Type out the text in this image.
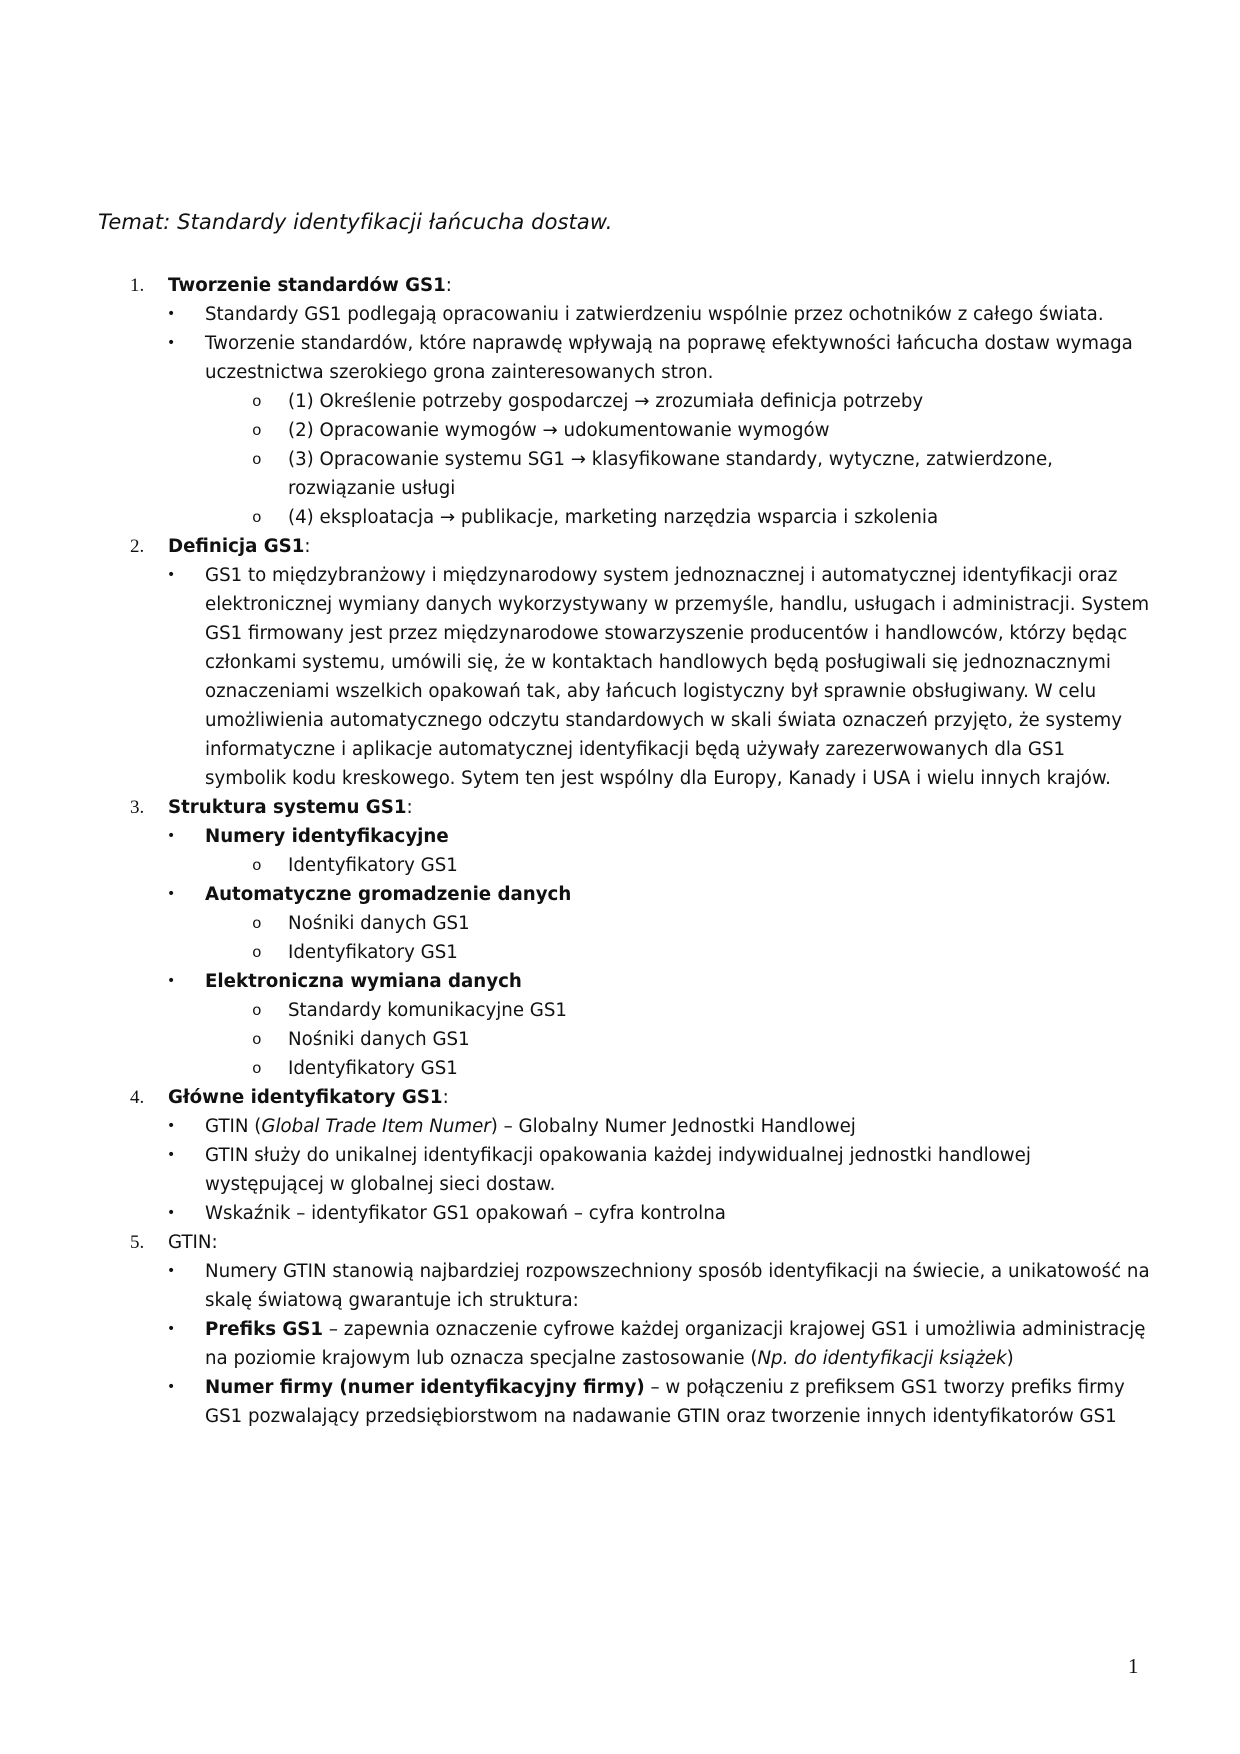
Temat: Standardy identyfikacji łańcucha dostaw.
1. Tworzenie standardów GS1:
• Standardy GS1 podlegają opracowaniu i zatwierdzeniu wspólnie przez ochotników z całego świata.
• Tworzenie standardów, które naprawdę wpływają na poprawę efektywności łańcucha dostaw wymaga uczestnictwa szerokiego grona zainteresowanych stron.
o (1) Określenie potrzeby gospodarczej → zrozumiała definicja potrzeby
o (2) Opracowanie wymogów → udokumentowanie wymogów
o (3) Opracowanie systemu SG1 → klasyfikowane standardy, wytyczne, zatwierdzone, rozwiązanie usługi
o (4) eksploatacja → publikacje, marketing narzędzia wsparcia i szkolenia
2. Definicja GS1:
• GS1 to międzybranżowy i międzynarodowy system jednoznacznej i automatycznej identyfikacji oraz elektronicznej wymiany danych wykorzystywany w przemyśle, handlu, usługach i administracji. System GS1 firmowany jest przez międzynarodowe stowarzyszenie producentów i handlowców, którzy będąc członkami systemu, umówili się, że w kontaktach handlowych będą posługiwali się jednoznacznymi oznaczeniami wszelkich opakowań tak, aby łańcuch logistyczny był sprawnie obsługiwany. W celu umożliwienia automatycznego odczytu standardowych w skali świata oznaczeń przyjęto, że systemy informatyczne i aplikacje automatycznej identyfikacji będą używały zarezerwowanych dla GS1 symbolik kodu kreskowego. Sytem ten jest wspólny dla Europy, Kanady i USA i wielu innych krajów.
3. Struktura systemu GS1:
• Numery identyfikacyjne
o Identyfikatory GS1
• Automatyczne gromadzenie danych
o Nośniki danych GS1
o Identyfikatory GS1
• Elektroniczna wymiana danych
o Standardy komunikacyjne GS1
o Nośniki danych GS1
o Identyfikatory GS1
4. Główne identyfikatory GS1:
• GTIN (Global Trade Item Numer) – Globalny Numer Jednostki Handlowej
• GTIN służy do unikalnej identyfikacji opakowania każdej indywidualnej jednostki handlowej występującej w globalnej sieci dostaw.
• Wskaźnik – identyfikator GS1 opakowań – cyfra kontrolna
5. GTIN:
• Numery GTIN stanowią najbardziej rozpowszechniony sposób identyfikacji na świecie, a unikatowość na skalę światową gwarantuje ich struktura:
• Prefiks GS1 – zapewnia oznaczenie cyfrowe każdej organizacji krajowej GS1 i umożliwia administrację na poziomie krajowym lub oznacza specjalne zastosowanie (Np. do identyfikacji książek)
• Numer firmy (numer identyfikacyjny firmy) – w połączeniu z prefiksem GS1 tworzy prefiks firmy GS1 pozwalający przedsiębiorstwom na nadawanie GTIN oraz tworzenie innych identyfikatorów GS1
1
